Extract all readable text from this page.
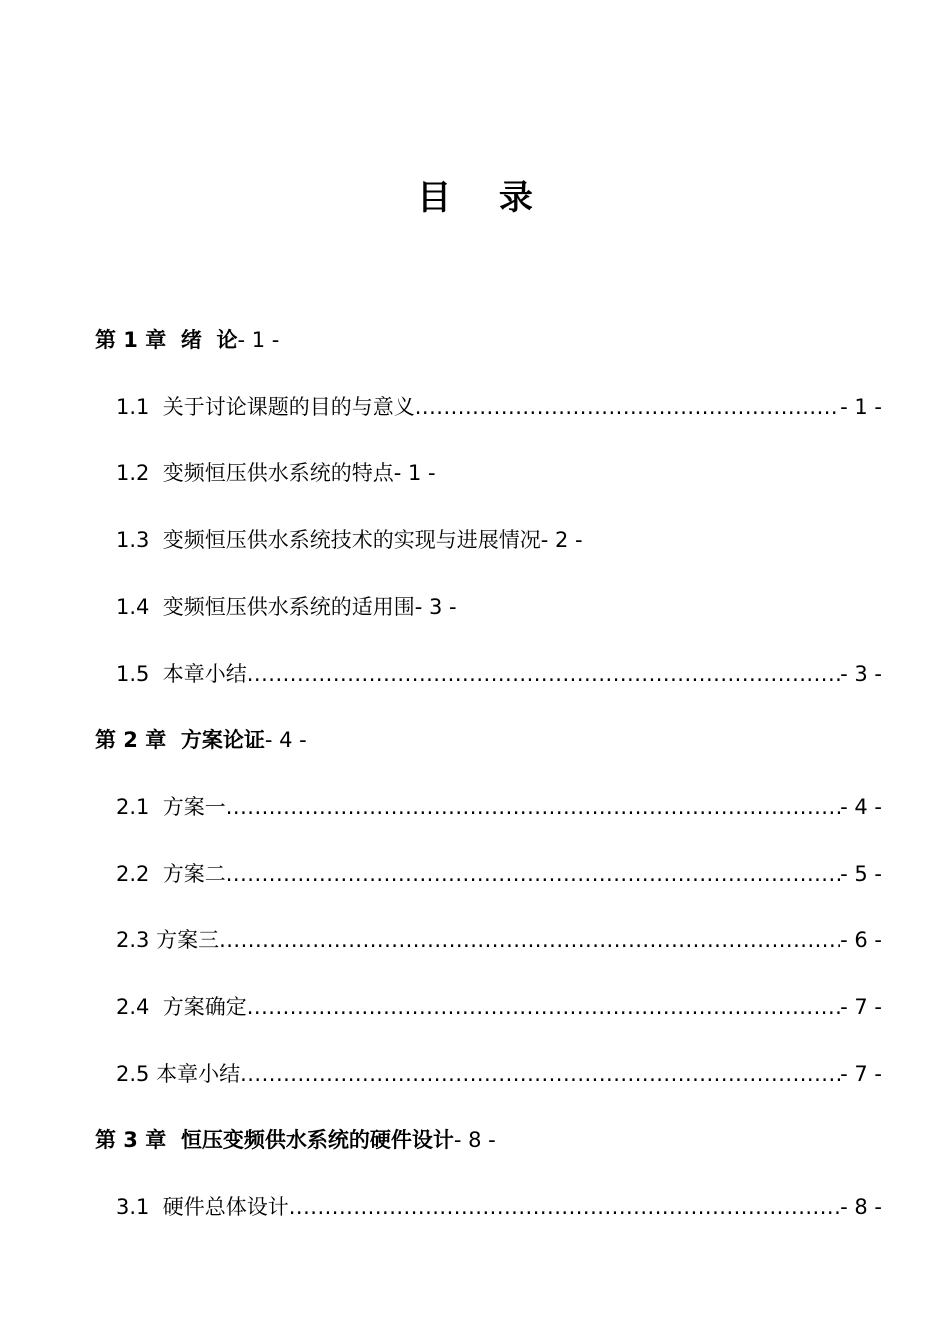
目 录
第 1 章 绪  论 - 1 -
1.1 关于讨论课题的目的与意义 .....	- 1 -
1.2 变频恒压供水系统的特点 - 1 -
1.3 变频恒压供水系统技术的实现与进展情况 - 2 -
1.4 变频恒压供水系统的适用围 - 3 -
1.5 本章小结 .....	- 3 -
第 2 章 方案论证 - 4 -
2.1 方案一 .....	- 4 -
2.2 方案二 .....	- 5 -
2.3 方案三 .....	- 6 -
2.4 方案确定 .....	- 7 -
2.5 本章小结 .....	- 7 -
第 3 章 恒压变频供水系统的硬件设计 - 8 -
3.1 硬件总体设计 .....	- 8 -
